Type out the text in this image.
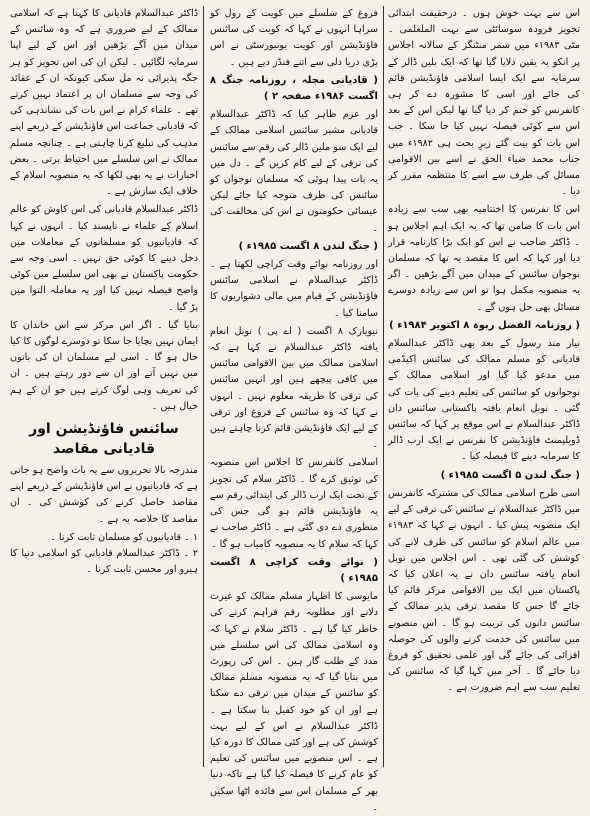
اس سے بہت خوش ہوں ۔ درحقیقت ابتدائی تجویز فرودہ سوسائٹی سے بہت الملعلمی ۔ مٹی ۱۹۸۳ء میں سمر منٹنگز کے سالانہ اجلاس پر انکو یہ یقین دلایا گیا تھا کہ ایک بلین ڈالر کے سرمایہ سے ایک ایسا اسلامی فاؤنڈیشن قائم کی جائے اور اسی کا مشورہ دے کر ہی کانفرنس کو ختم کر دیا گیا تھا لیکن اس کے بعد اس سے کوئی فیصلہ نہیں کیا جا سکا ۔ جب اس بات کو بیت گئے زیرِ بحث ہی ۱۹۸۲ء میں جناب محمد ضیاء الحق نے اسے بین الاقوامی مسائل کی طرف سے اسے کا منتظمہ مقرر کر دیا ۔

اس کا نفرنس کا اختتامیہ بھی سب سے زیادہ اس بات کا ضامن تھا کہ یہ ایک اہم اجلاس ہو ۔ ڈاکٹر صاحب نے اس کو ایک بڑا کارنامہ قرار دیا اور کہا کہ اس کا مقصد یہ تھا کہ مسلمان نوجوان سائنس کے میدان میں آگے بڑھیں ۔ اگر یہ منصوبہ مکمل ہوا تو اس سے زیادہ دوسرے مسائل بھی حل ہوں گے ۔

( روزنامہ الفضل ربوہ ۸ اکتوبر ۱۹۸۴ء )

نیاز مند رسول کے بعد بھی ڈاکٹر عبدالسلام قادیانی کو مسلم ممالک کی سائنس اکیڈمی میں مدعو کیا گیا اور اسلامی ممالک کے نوجوانوں کو سائنس کی تعلیم دینے کی بات کی گئی ۔ نوبل انعام یافتہ پاکستانی سائنس دان ڈاکٹر عبدالسلام نے اس موقع پر کہا کہ سائنس ڈویلپمنٹ فاؤنڈیشن کا نفرنس نے ایک ارب ڈالر کا سرمایہ دینے کا فیصلہ کیا ۔

( جنگ لندن ۵ اگست ۱۹۸۵ء )

اسی طرح اسلامی ممالک کی مشترکہ کانفرنس میں ڈاکٹر عبدالسلام نے سائنس کی ترقی کے لیے ایک منصوبہ پیش کیا ۔ انہوں نے کہا کہ ۱۹۸۳ء میں عالم اسلام کو سائنس کی طرف لانے کی کوشش کی گئی تھی ۔ اس اجلاس میں نوبل انعام یافتہ سائنس دان نے یہ اعلان کیا کہ پاکستان میں ایک بین الاقوامی مرکز قائم کیا جائے گا جس کا مقصد ترقی پذیر ممالک کے سائنس دانوں کی تربیت ہو گا ۔ اس منصوبے میں سائنس کی خدمت کرنے والوں کی حوصلہ افزائی کی جائے گی اور علمی تحقیق کو فروغ دیا جائے گا ۔ آخر میں کہا گیا کہ سائنس کی تعلیم سب سے اہم ضرورت ہے ۔

فروغ کے سلسلے میں کویت کے رول کو سراہا انہوں نے کہا کہ کویت کی سائنس فاؤنڈیشن اور کویت یونیورسٹی نے اس بڑی دریا دلی سے اتنے فنڈز دیے ہیں ۔

( قادیانی مجلہ ، روزنامہ جنگ ۸ اگست ۱۹۸۶ء صفحہ ۲ )

اور عزم ظاہر کیا کہ ڈاکٹر عبدالسلام قادیانی مشیر سائنس اسلامی ممالک کے لیے ایک سو ملین ڈالر کی رقم سے سائنس کی ترقی کے لیے کام کریں گے ۔ دل میں یہ بات پیدا ہوئی کہ مسلمان نوجوان کو سائنس کی طرف متوجہ کیا جائے لیکن عیسائی حکومتوں نے اس کی مخالفت کی ۔

( جنگ لندن ۸ اگست ۱۹۸۵ء )

اور روزنامہ نوائے وقت کراچی لکھتا ہے ۔ ڈاکٹر عبدالسلام نے اسلامی سائنس فاؤنڈیشن کے قیام میں مالی دشواریوں کا سامنا کیا ۔

نیویارک ۸ اگست ( اے پی ) نوبل انعام یافتہ ڈاکٹر عبدالسلام نے کہا ہے کہ اسلامی ممالک میں بین الاقوامی سائنس میں کافی پیچھے ہیں اور انہیں سائنس کی ترقی کا طریقہ معلوم نہیں ۔ انہوں نے کہا کہ وہ سائنس کے فروغ اور ترقی کے لیے ایک فاؤنڈیشن قائم کرنا چاہتے ہیں ۔

اسلامی کانفرنس کا اجلاس اس منصوبہ کی توثیق کرے گا ۔ ڈاکٹر سلام کی تجویز کے تحت ایک ارب ڈالر کی ابتدائی رقم سے یہ فاؤنڈیشن قائم ہو گی جس کی منظوری دے دی گئی ہے ۔ ڈاکٹر صاحب نے کہا کہ سلام کا یہ منصوبہ کامیاب ہو گا ۔

( نوائے وقت کراچی ۸ اگست ۱۹۸۵ء )

مایوسی کا اظہار مسلم ممالک کو غیرت دلانے اور مطلوبہ رقم فراہم کرنے کی خاطر کیا گیا ہے ۔ ڈاکٹر سلام نے کہا کہ وہ اسلامی ممالک کی اس سلسلے میں مدد کے طلب گار ہیں ۔ اس کی رپورٹ میں بتایا گیا کہ یہ منصوبہ مسلم ممالک کو سائنس کے میدان میں ترقی دے سکتا ہے اور ان کو خود کفیل بنا سکتا ہے ۔ ڈاکٹر عبدالسلام نے اس کے لیے بہت کوشش کی ہے اور کئی ممالک کا دورہ کیا ہے ۔ اس منصوبے میں سائنس کی تعلیم کو عام کرنے کا فیصلہ کیا گیا ہے تاکہ دنیا بھر کے مسلمان اس سے فائدہ اٹھا سکیں ۔

ڈاکٹر عبدالسلام قادیانی کا کہنا ہے کہ اسلامی ممالک کے لیے ضروری ہے کہ وہ سائنس کے میدان میں آگے بڑھیں اور اس کے لیے اپنا سرمایہ لگائیں ۔ لیکن ان کی اس تجویز کو ہر جگہ پذیرائی نہ مل سکی کیونکہ ان کے عقائد کی وجہ سے مسلمان ان پر اعتماد نہیں کرتے تھے ۔ علماء کرام نے اس بات کی نشاندہی کی کہ قادیانی جماعت اس فاؤنڈیشن کے ذریعے اپنے مذہب کی تبلیغ کرنا چاہتی ہے ۔ چنانچہ مسلم ممالک نے اس سلسلے میں احتیاط برتی ۔ بعض اخبارات نے یہ بھی لکھا کہ یہ منصوبہ اسلام کے خلاف ایک سازش ہے ۔

ڈاکٹر عبدالسلام قادیانی کی اس کاوش کو عالم اسلام کے علماء نے ناپسند کیا ۔ انہوں نے کہا کہ قادیانیوں کو مسلمانوں کے معاملات میں دخل دینے کا کوئی حق نہیں ۔ اسی وجہ سے حکومت پاکستان نے بھی اس سلسلے میں کوئی واضح فیصلہ نہیں کیا اور یہ معاملہ التوا میں پڑ گیا ۔

بنایا گیا ۔ اگر اس مرکز سے اس خاندان کا ایمان نہیں بچایا جا سکا تو دوسرے لوگوں کا کیا حال ہو گا ۔ اسی لیے مسلمان ان کی باتوں میں نہیں آتے اور ان سے دور رہتے ہیں ۔ ان کی تعریف وہی لوگ کرتے ہیں جو ان کے ہم خیال ہیں ۔

سائنس فاؤنڈیشن اور قادیانی مقاصد

مندرجہ بالا تحریروں سے یہ بات واضح ہو جاتی ہے کہ قادیانیوں نے اس فاؤنڈیشن کے ذریعے اپنے مقاصد حاصل کرنے کی کوشش کی ۔ ان مقاصد کا خلاصہ یہ ہے ۔

۱ ۔ قادیانیوں کو مسلمان ثابت کرنا ۔

۲ ۔ ڈاکٹر عبدالسلام قادیانی کو اسلامی دنیا کا ہیرو اور محسن ثابت کرنا ۔
